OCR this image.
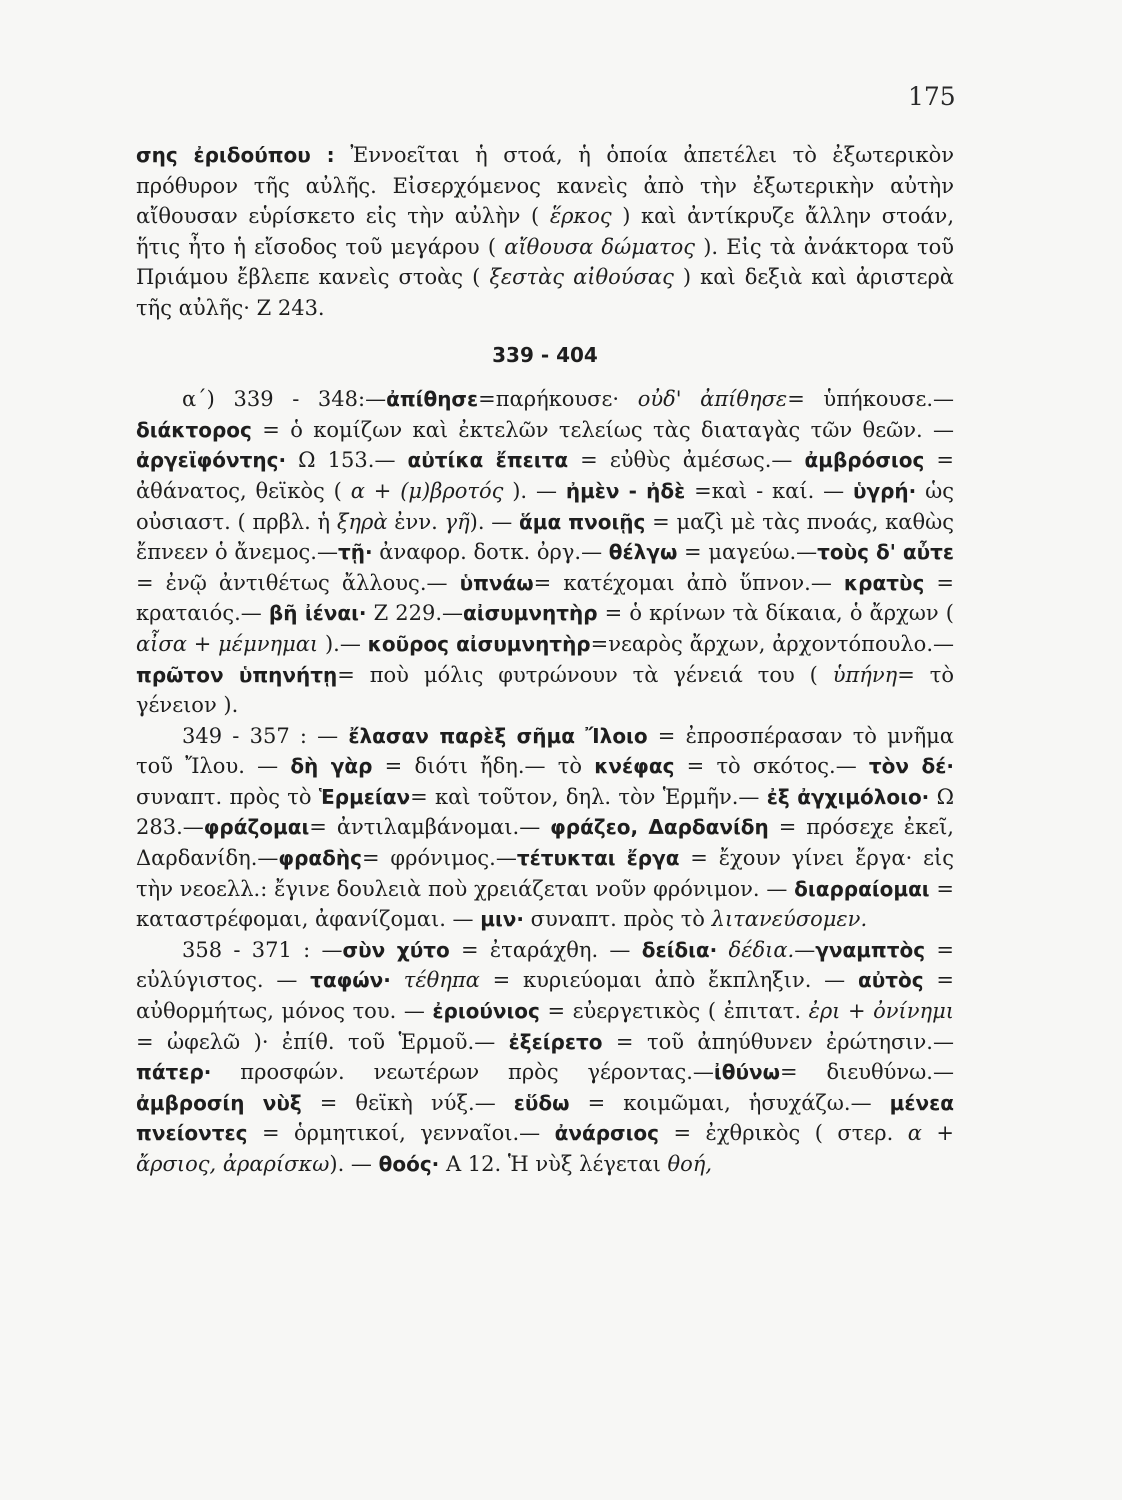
175

σης ἐριδούπου : Ἐννοεῖται ἡ στοά, ἡ ὁποία ἀπετέλει τὸ ἐξωτερικὸν πρόθυρον τῆς αὐλῆς. Εἰσερχόμενος κανεὶς ἀπὸ τὴν ἐξωτερικὴν αὐτὴν αἴθουσαν εὑρίσκετο εἰς τὴν αὐλὴν ( ἕρκος ) καὶ ἀντίκρυζε ἄλλην στοάν, ἥτις ἦτο ἡ εἴσοδος τοῦ μεγάρου ( αἴθουσα δώματος ). Εἰς τὰ ἀνάκτορα τοῦ Πριάμου ἔβλεπε κανεὶς στοὰς ( ξεστὰς αἰθούσας ) καὶ δεξιὰ καὶ ἀριστερὰ τῆς αὐλῆς· Ζ 243.

339 - 404

α΄) 339 - 348:—ἀπίθησε=παρήκουσε· οὐδ' ἀπίθησε= ὑπήκουσε.—διάκτορος = ὁ κομίζων καὶ ἐκτελῶν τελείως τὰς διαταγὰς τῶν θεῶν. —ἀργεϊφόντης· Ω 153.— αὐτίκα ἔπειτα = εὐθὺς ἀμέσως.— ἀμβρόσιος = ἀθάνατος, θεϊκὸς ( α + (μ)βροτός ). — ἠμὲν - ἠδὲ =καὶ - καί. — ὑγρή· ὡς οὐσιαστ. ( πρβλ. ἡ ξηρὰ ἐνν. γῆ). — ἅμα πνοιῇς = μαζὶ μὲ τὰς πνοάς, καθὼς ἔπνεεν ὁ ἄνεμος.—τῇ· ἀναφορ. δοτκ. ὀργ.— θέλγω = μαγεύω.—τοὺς δ' αὖτε = ἐνῷ ἀντιθέτως ἄλλους.— ὑπνάω= κατέχομαι ἀπὸ ὕπνον.— κρατὺς = κραταιός.— βῆ ἰέναι· Ζ 229.—αἰσυμνητὴρ = ὁ κρίνων τὰ δίκαια, ὁ ἄρχων ( αἶσα + μέμνημαι ).— κοῦρος αἰσυμνητὴρ=νεαρὸς ἄρχων, ἀρχοντόπουλο.—πρῶτον ὑπηνήτῃ= ποὺ μόλις φυτρώνουν τὰ γένειά του ( ὑπήνη= τὸ γένειον ).

349 - 357 : — ἔλασαν παρὲξ σῆμα Ἴλοιο = ἐπροσπέρασαν τὸ μνῆμα τοῦ Ἴλου. — δὴ γὰρ = διότι ἤδη.— τὸ κνέφας = τὸ σκότος.— τὸν δέ· συναπτ. πρὸς τὸ Ἑρμείαν= καὶ τοῦτον, δηλ. τὸν Ἑρμῆν.— ἐξ ἀγχιμόλοιο· Ω 283.—φράζομαι= ἀντιλαμβάνομαι.— φράζεο, Δαρδανίδη = πρόσεχε ἐκεῖ, Δαρδανίδη.—φραδὴς= φρόνιμος.—τέτυκται ἔργα = ἔχουν γίνει ἔργα· εἰς τὴν νεοελλ.: ἔγινε δουλειὰ ποὺ χρειάζεται νοῦν φρόνιμον. — διαρραίομαι = καταστρέφομαι, ἀφανίζομαι. — μιν· συναπτ. πρὸς τὸ λιτανεύσομεν.

358 - 371 : —σὺν χύτο = ἐταράχθη. — δείδια· δέδια.—γναμπτὸς = εὐλύγιστος. — ταφών· τέθηπα = κυριεύομαι ἀπὸ ἔκπληξιν. — αὐτὸς = αὐθορμήτως, μόνος του. — ἐριούνιος = εὐεργετικὸς ( ἐπιτατ. ἐρι + ὀνίνημι = ὠφελῶ )· ἐπίθ. τοῦ Ἑρμοῦ.— ἐξείρετο = τοῦ ἀπηύθυνεν ἐρώτησιν.—πάτερ· προσφών. νεωτέρων πρὸς γέροντας.—ἰθύνω= διευθύνω.— ἀμβροσίη νὺξ = θεϊκὴ νύξ.— εὕδω = κοιμῶμαι, ἡσυχάζω.— μένεα πνείοντες = ὁρμητικοί, γενναῖοι.— ἀνάρσιος = ἐχθρικὸς ( στερ. α + ἄρσιος, ἀραρίσκω). — θοός· Α 12. Ἡ νὺξ λέγεται θοή,
